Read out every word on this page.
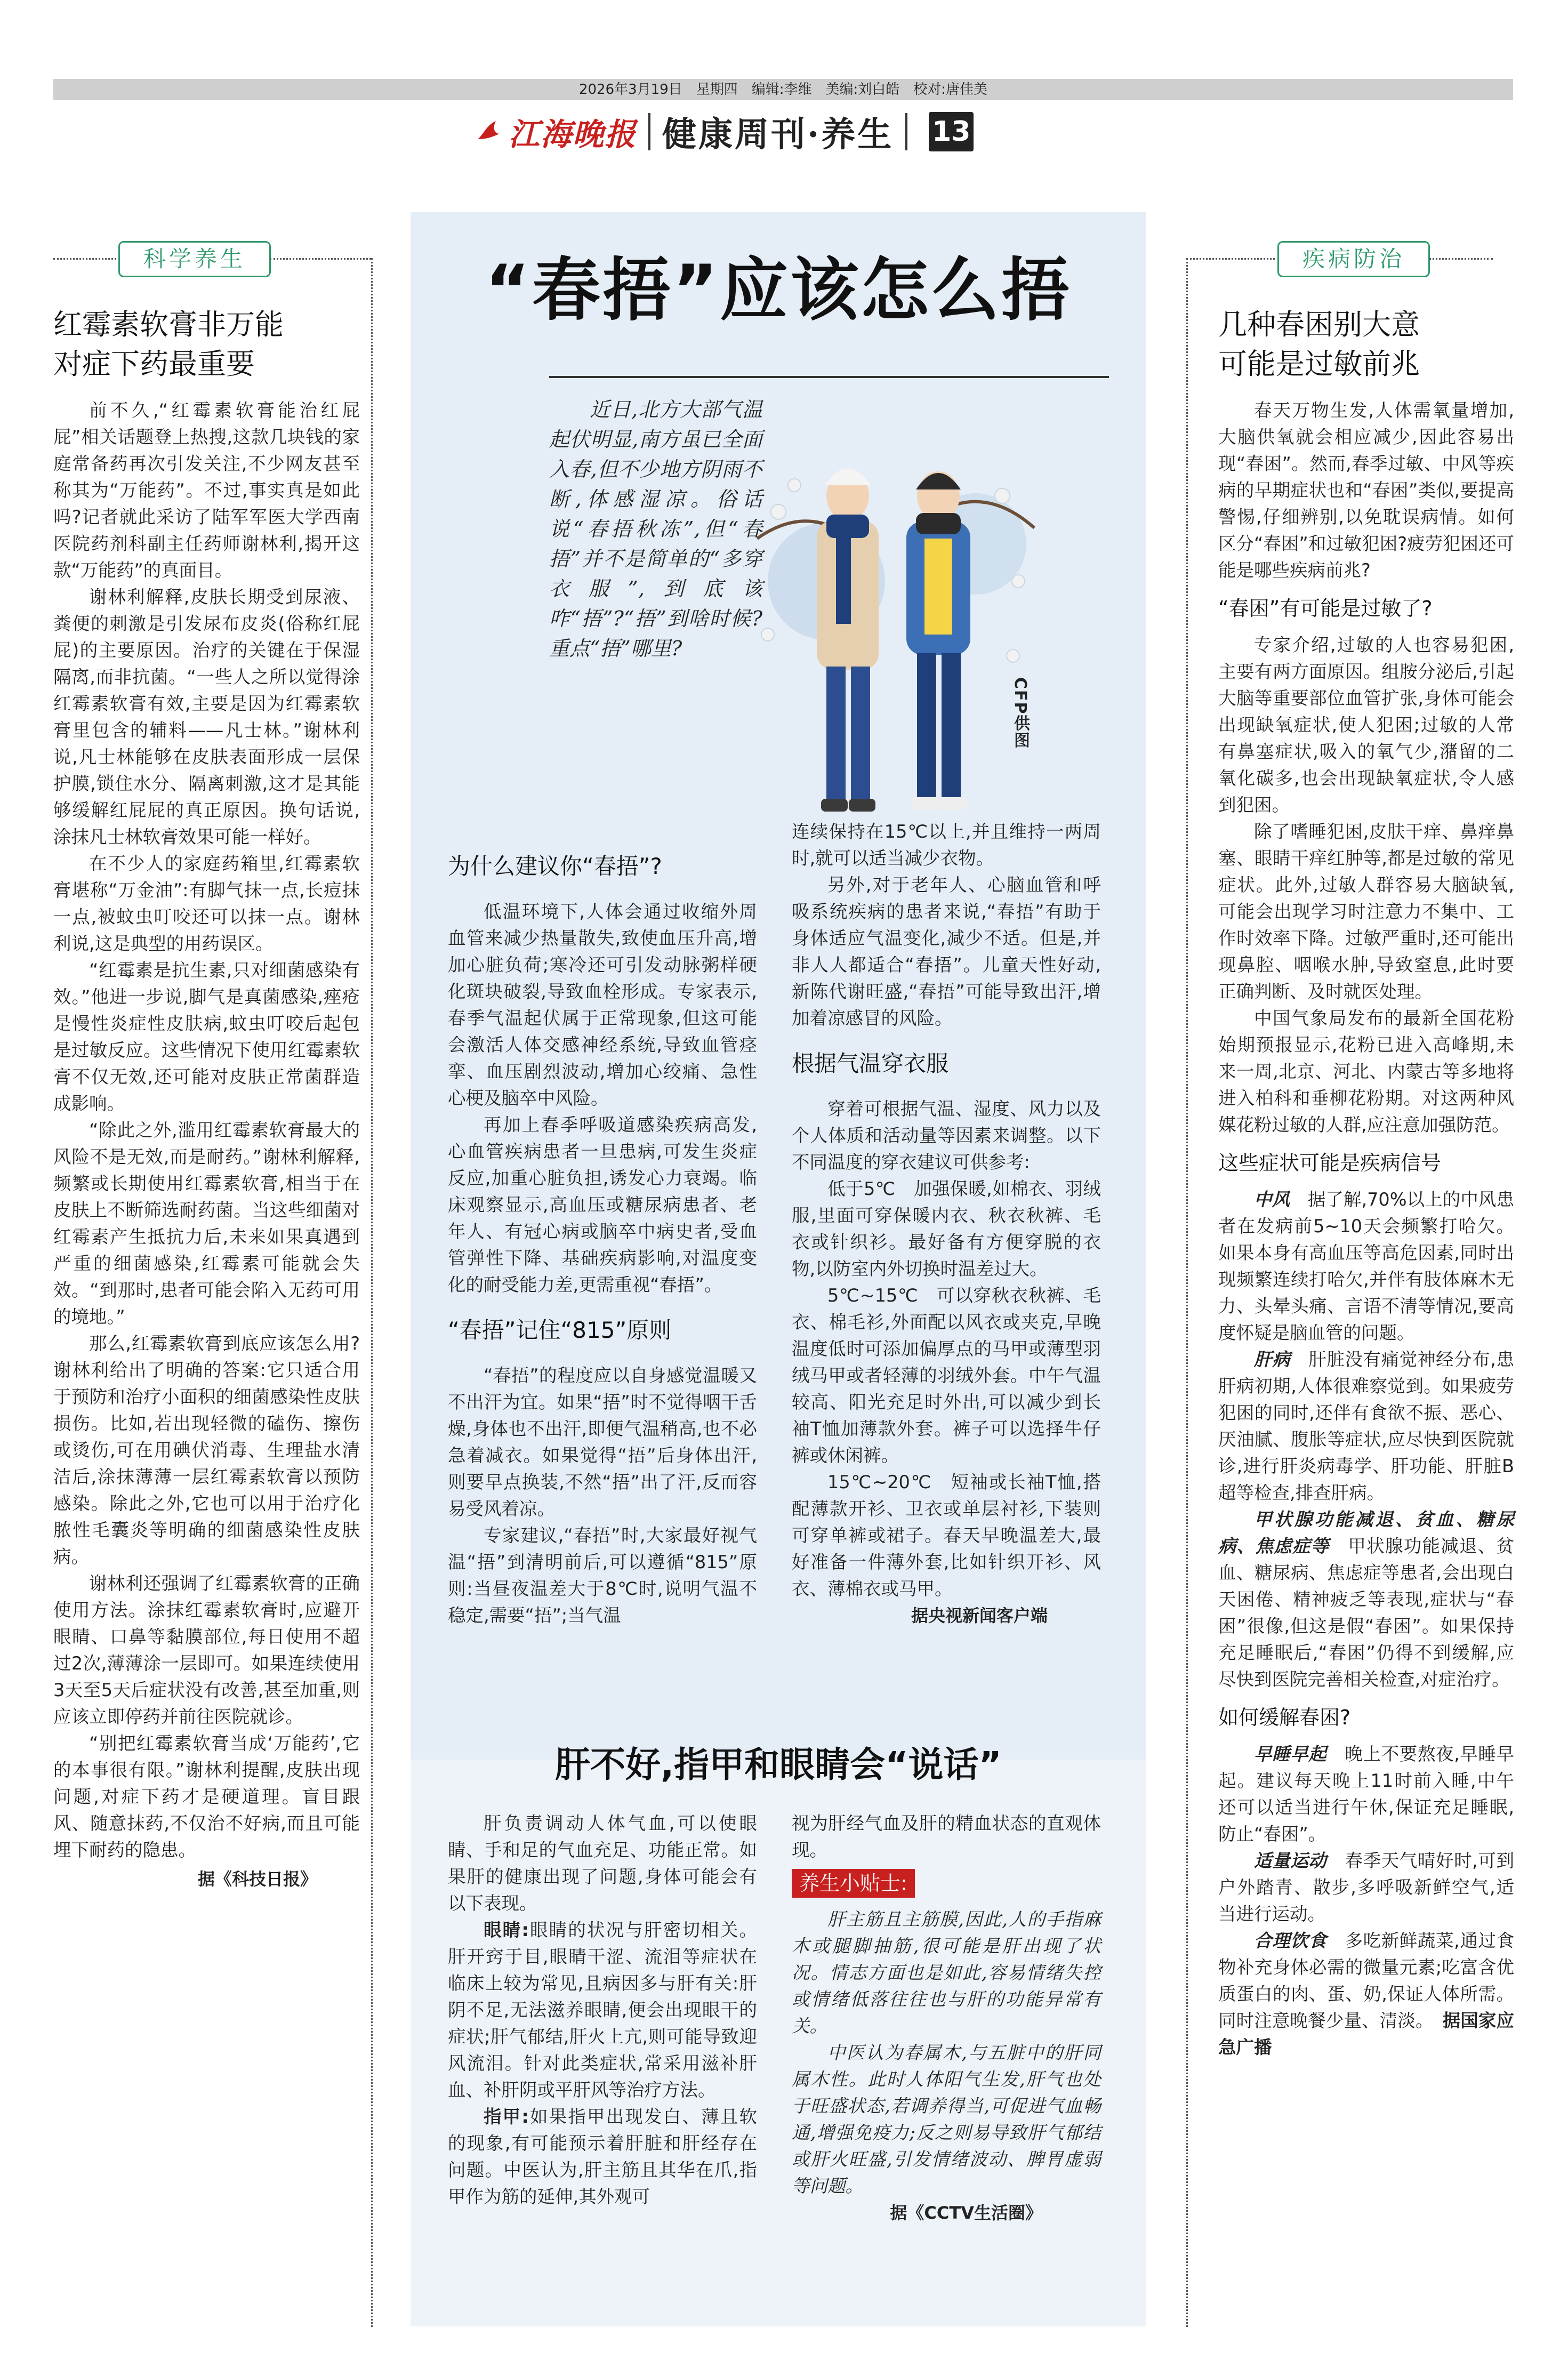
2026年3月19日　星期四　编辑:李维　美编:刘白皓　校对:唐佳美
江海晚报 健康周刊·养生 13
科学养生
红霉素软膏非万能
对症下药最重要

前不久,“红霉素软膏能治红屁屁”相关话题登上热搜,这款几块钱的家庭常备药再次引发关注,不少网友甚至称其为“万能药”。不过,事实真是如此吗?记者就此采访了陆军军医大学西南医院药剂科副主任药师谢林利,揭开这款“万能药”的真面目。

谢林利解释,皮肤长期受到尿液、粪便的刺激是引发尿布皮炎(俗称红屁屁)的主要原因。治疗的关键在于保湿隔离,而非抗菌。“一些人之所以觉得涂红霉素软膏有效,主要是因为红霉素软膏里包含的辅料——凡士林。”谢林利说,凡士林能够在皮肤表面形成一层保护膜,锁住水分、隔离刺激,这才是其能够缓解红屁屁的真正原因。换句话说,涂抹凡士林软膏效果可能一样好。

在不少人的家庭药箱里,红霉素软膏堪称“万金油”:有脚气抹一点,长痘抹一点,被蚊虫叮咬还可以抹一点。谢林利说,这是典型的用药误区。

“红霉素是抗生素,只对细菌感染有效。”他进一步说,脚气是真菌感染,痤疮是慢性炎症性皮肤病,蚊虫叮咬后起包是过敏反应。这些情况下使用红霉素软膏不仅无效,还可能对皮肤正常菌群造成影响。

“除此之外,滥用红霉素软膏最大的风险不是无效,而是耐药。”谢林利解释,频繁或长期使用红霉素软膏,相当于在皮肤上不断筛选耐药菌。当这些细菌对红霉素产生抵抗力后,未来如果真遇到严重的细菌感染,红霉素可能就会失效。“到那时,患者可能会陷入无药可用的境地。”

那么,红霉素软膏到底应该怎么用?谢林利给出了明确的答案:它只适合用于预防和治疗小面积的细菌感染性皮肤损伤。比如,若出现轻微的磕伤、擦伤或烫伤,可在用碘伏消毒、生理盐水清洁后,涂抹薄薄一层红霉素软膏以预防感染。除此之外,它也可以用于治疗化脓性毛囊炎等明确的细菌感染性皮肤病。

谢林利还强调了红霉素软膏的正确使用方法。涂抹红霉素软膏时,应避开眼睛、口鼻等黏膜部位,每日使用不超过2次,薄薄涂一层即可。如果连续使用3天至5天后症状没有改善,甚至加重,则应该立即停药并前往医院就诊。

“别把红霉素软膏当成‘万能药’,它的本事很有限。”谢林利提醒,皮肤出现问题,对症下药才是硬道理。盲目跟风、随意抹药,不仅治不好病,而且可能埋下耐药的隐患。

据《科技日报》
“春捂”应该怎么捂

近日,北方大部气温起伏明显,南方虽已全面入春,但不少地方阴雨不断,体感湿凉。俗话说“春捂秋冻”,但“春捂”并不是简单的“多穿衣服”,到底该咋“捂”?“捂”到啥时候?重点“捂”哪里?

CFP供图
为什么建议你“春捂”?

低温环境下,人体会通过收缩外周血管来减少热量散失,致使血压升高,增加心脏负荷;寒冷还可引发动脉粥样硬化斑块破裂,导致血栓形成。专家表示,春季气温起伏属于正常现象,但这可能会激活人体交感神经系统,导致血管痉挛、血压剧烈波动,增加心绞痛、急性心梗及脑卒中风险。

再加上春季呼吸道感染疾病高发,心血管疾病患者一旦患病,可发生炎症反应,加重心脏负担,诱发心力衰竭。临床观察显示,高血压或糖尿病患者、老年人、有冠心病或脑卒中病史者,受血管弹性下降、基础疾病影响,对温度变化的耐受能力差,更需重视“春捂”。

“春捂”记住“815”原则

“春捂”的程度应以自身感觉温暖又不出汗为宜。如果“捂”时不觉得咽干舌燥,身体也不出汗,即便气温稍高,也不必急着减衣。如果觉得“捂”后身体出汗,则要早点换装,不然“捂”出了汗,反而容易受风着凉。

专家建议,“春捂”时,大家最好视气温“捂”到清明前后,可以遵循“815”原则:当昼夜温差大于8℃时,说明气温不稳定,需要“捂”;当气温

连续保持在15℃以上,并且维持一两周时,就可以适当减少衣物。

另外,对于老年人、心脑血管和呼吸系统疾病的患者来说,“春捂”有助于身体适应气温变化,减少不适。但是,并非人人都适合“春捂”。儿童天性好动,新陈代谢旺盛,“春捂”可能导致出汗,增加着凉感冒的风险。

根据气温穿衣服

穿着可根据气温、湿度、风力以及个人体质和活动量等因素来调整。以下不同温度的穿衣建议可供参考:

低于5℃　加强保暖,如棉衣、羽绒服,里面可穿保暖内衣、秋衣秋裤、毛衣或针织衫。最好备有方便穿脱的衣物,以防室内外切换时温差过大。

5℃~15℃　可以穿秋衣秋裤、毛衣、棉毛衫,外面配以风衣或夹克,早晚温度低时可添加偏厚点的马甲或薄型羽绒马甲或者轻薄的羽绒外套。中午气温较高、阳光充足时外出,可以减少到长袖T恤加薄款外套。裤子可以选择牛仔裤或休闲裤。

15℃~20℃　短袖或长袖T恤,搭配薄款开衫、卫衣或单层衬衫,下装则可穿单裤或裙子。春天早晚温差大,最好准备一件薄外套,比如针织开衫、风衣、薄棉衣或马甲。

据央视新闻客户端
肝不好,指甲和眼睛会“说话”

肝负责调动人体气血,可以使眼睛、手和足的气血充足、功能正常。如果肝的健康出现了问题,身体可能会有以下表现。

眼睛:眼睛的状况与肝密切相关。肝开窍于目,眼睛干涩、流泪等症状在临床上较为常见,且病因多与肝有关:肝阴不足,无法滋养眼睛,便会出现眼干的症状;肝气郁结,肝火上亢,则可能导致迎风流泪。针对此类症状,常采用滋补肝血、补肝阴或平肝风等治疗方法。

指甲:如果指甲出现发白、薄且软的现象,有可能预示着肝脏和肝经存在问题。中医认为,肝主筋且其华在爪,指甲作为筋的延伸,其外观可

视为肝经气血及肝的精血状态的直观体现。

养生小贴士:

肝主筋且主筋膜,因此,人的手指麻木或腿脚抽筋,很可能是肝出现了状况。情志方面也是如此,容易情绪失控或情绪低落往往也与肝的功能异常有关。

中医认为春属木,与五脏中的肝同属木性。此时人体阳气生发,肝气也处于旺盛状态,若调养得当,可促进气血畅通,增强免疫力;反之则易导致肝气郁结或肝火旺盛,引发情绪波动、脾胃虚弱等问题。

据《CCTV生活圈》
疾病防治
几种春困别大意
可能是过敏前兆

春天万物生发,人体需氧量增加,大脑供氧就会相应减少,因此容易出现“春困”。然而,春季过敏、中风等疾病的早期症状也和“春困”类似,要提高警惕,仔细辨别,以免耽误病情。如何区分“春困”和过敏犯困?疲劳犯困还可能是哪些疾病前兆?

“春困”有可能是过敏了?

专家介绍,过敏的人也容易犯困,主要有两方面原因。组胺分泌后,引起大脑等重要部位血管扩张,身体可能会出现缺氧症状,使人犯困;过敏的人常有鼻塞症状,吸入的氧气少,潴留的二氧化碳多,也会出现缺氧症状,令人感到犯困。

除了嗜睡犯困,皮肤干痒、鼻痒鼻塞、眼睛干痒红肿等,都是过敏的常见症状。此外,过敏人群容易大脑缺氧,可能会出现学习时注意力不集中、工作时效率下降。过敏严重时,还可能出现鼻腔、咽喉水肿,导致窒息,此时要正确判断、及时就医处理。

中国气象局发布的最新全国花粉始期预报显示,花粉已进入高峰期,未来一周,北京、河北、内蒙古等多地将进入柏科和垂柳花粉期。对这两种风媒花粉过敏的人群,应注意加强防范。

这些症状可能是疾病信号

中风　 据了解,70%以上的中风患者在发病前5~10天会频繁打哈欠。如果本身有高血压等高危因素,同时出现频繁连续打哈欠,并伴有肢体麻木无力、头晕头痛、言语不清等情况,要高度怀疑是脑血管的问题。

肝病　 肝脏没有痛觉神经分布,患肝病初期,人体很难察觉到。如果疲劳犯困的同时,还伴有食欲不振、恶心、厌油腻、腹胀等症状,应尽快到医院就诊,进行肝炎病毒学、肝功能、肝脏B超等检查,排查肝病。

甲状腺功能减退、贫血、糖尿病、焦虑症等　 甲状腺功能减退、贫血、糖尿病、焦虑症等患者,会出现白天困倦、精神疲乏等表现,症状与“春困”很像,但这是假“春困”。如果保持充足睡眠后,“春困”仍得不到缓解,应尽快到医院完善相关检查,对症治疗。

如何缓解春困?

早睡早起　 晚上不要熬夜,早睡早起。建议每天晚上11时前入睡,中午还可以适当进行午休,保证充足睡眠,防止“春困”。

适量运动　 春季天气晴好时,可到户外踏青、散步,多呼吸新鲜空气,适当进行运动。

合理饮食　 多吃新鲜蔬菜,通过食物补充身体必需的微量元素;吃富含优质蛋白的肉、蛋、奶,保证人体所需。同时注意晚餐少量、清淡。　 据国家应急广播
